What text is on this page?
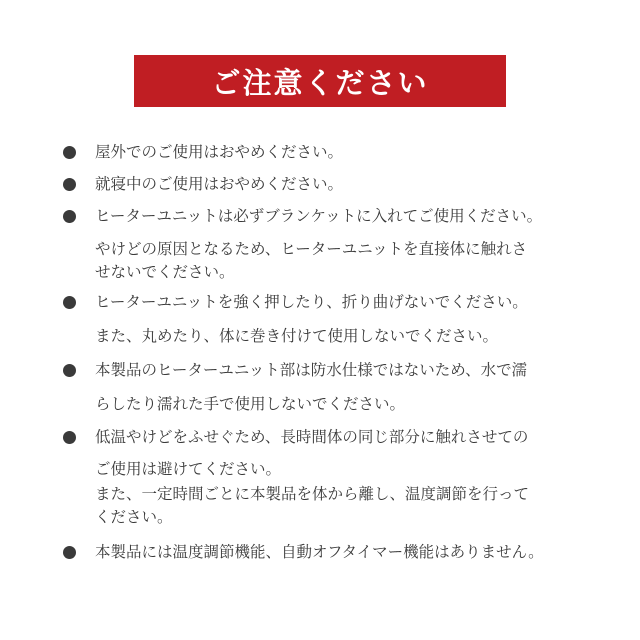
ご注意ください
屋外でのご使用はおやめください。
就寝中のご使用はおやめください。
ヒーターユニットは必ずブランケットに入れてご使用ください。
やけどの原因となるため、ヒーターユニットを直接体に触れさ
せないでください。
ヒーターユニットを強く押したり、折り曲げないでください。
また、丸めたり、体に巻き付けて使用しないでください。
本製品のヒーターユニット部は防水仕様ではないため、水で濡
らしたり濡れた手で使用しないでください。
低温やけどをふせぐため、長時間体の同じ部分に触れさせての
ご使用は避けてください。
また、一定時間ごとに本製品を体から離し、温度調節を行って
ください。
本製品には温度調節機能、自動オフタイマー機能はありません。
